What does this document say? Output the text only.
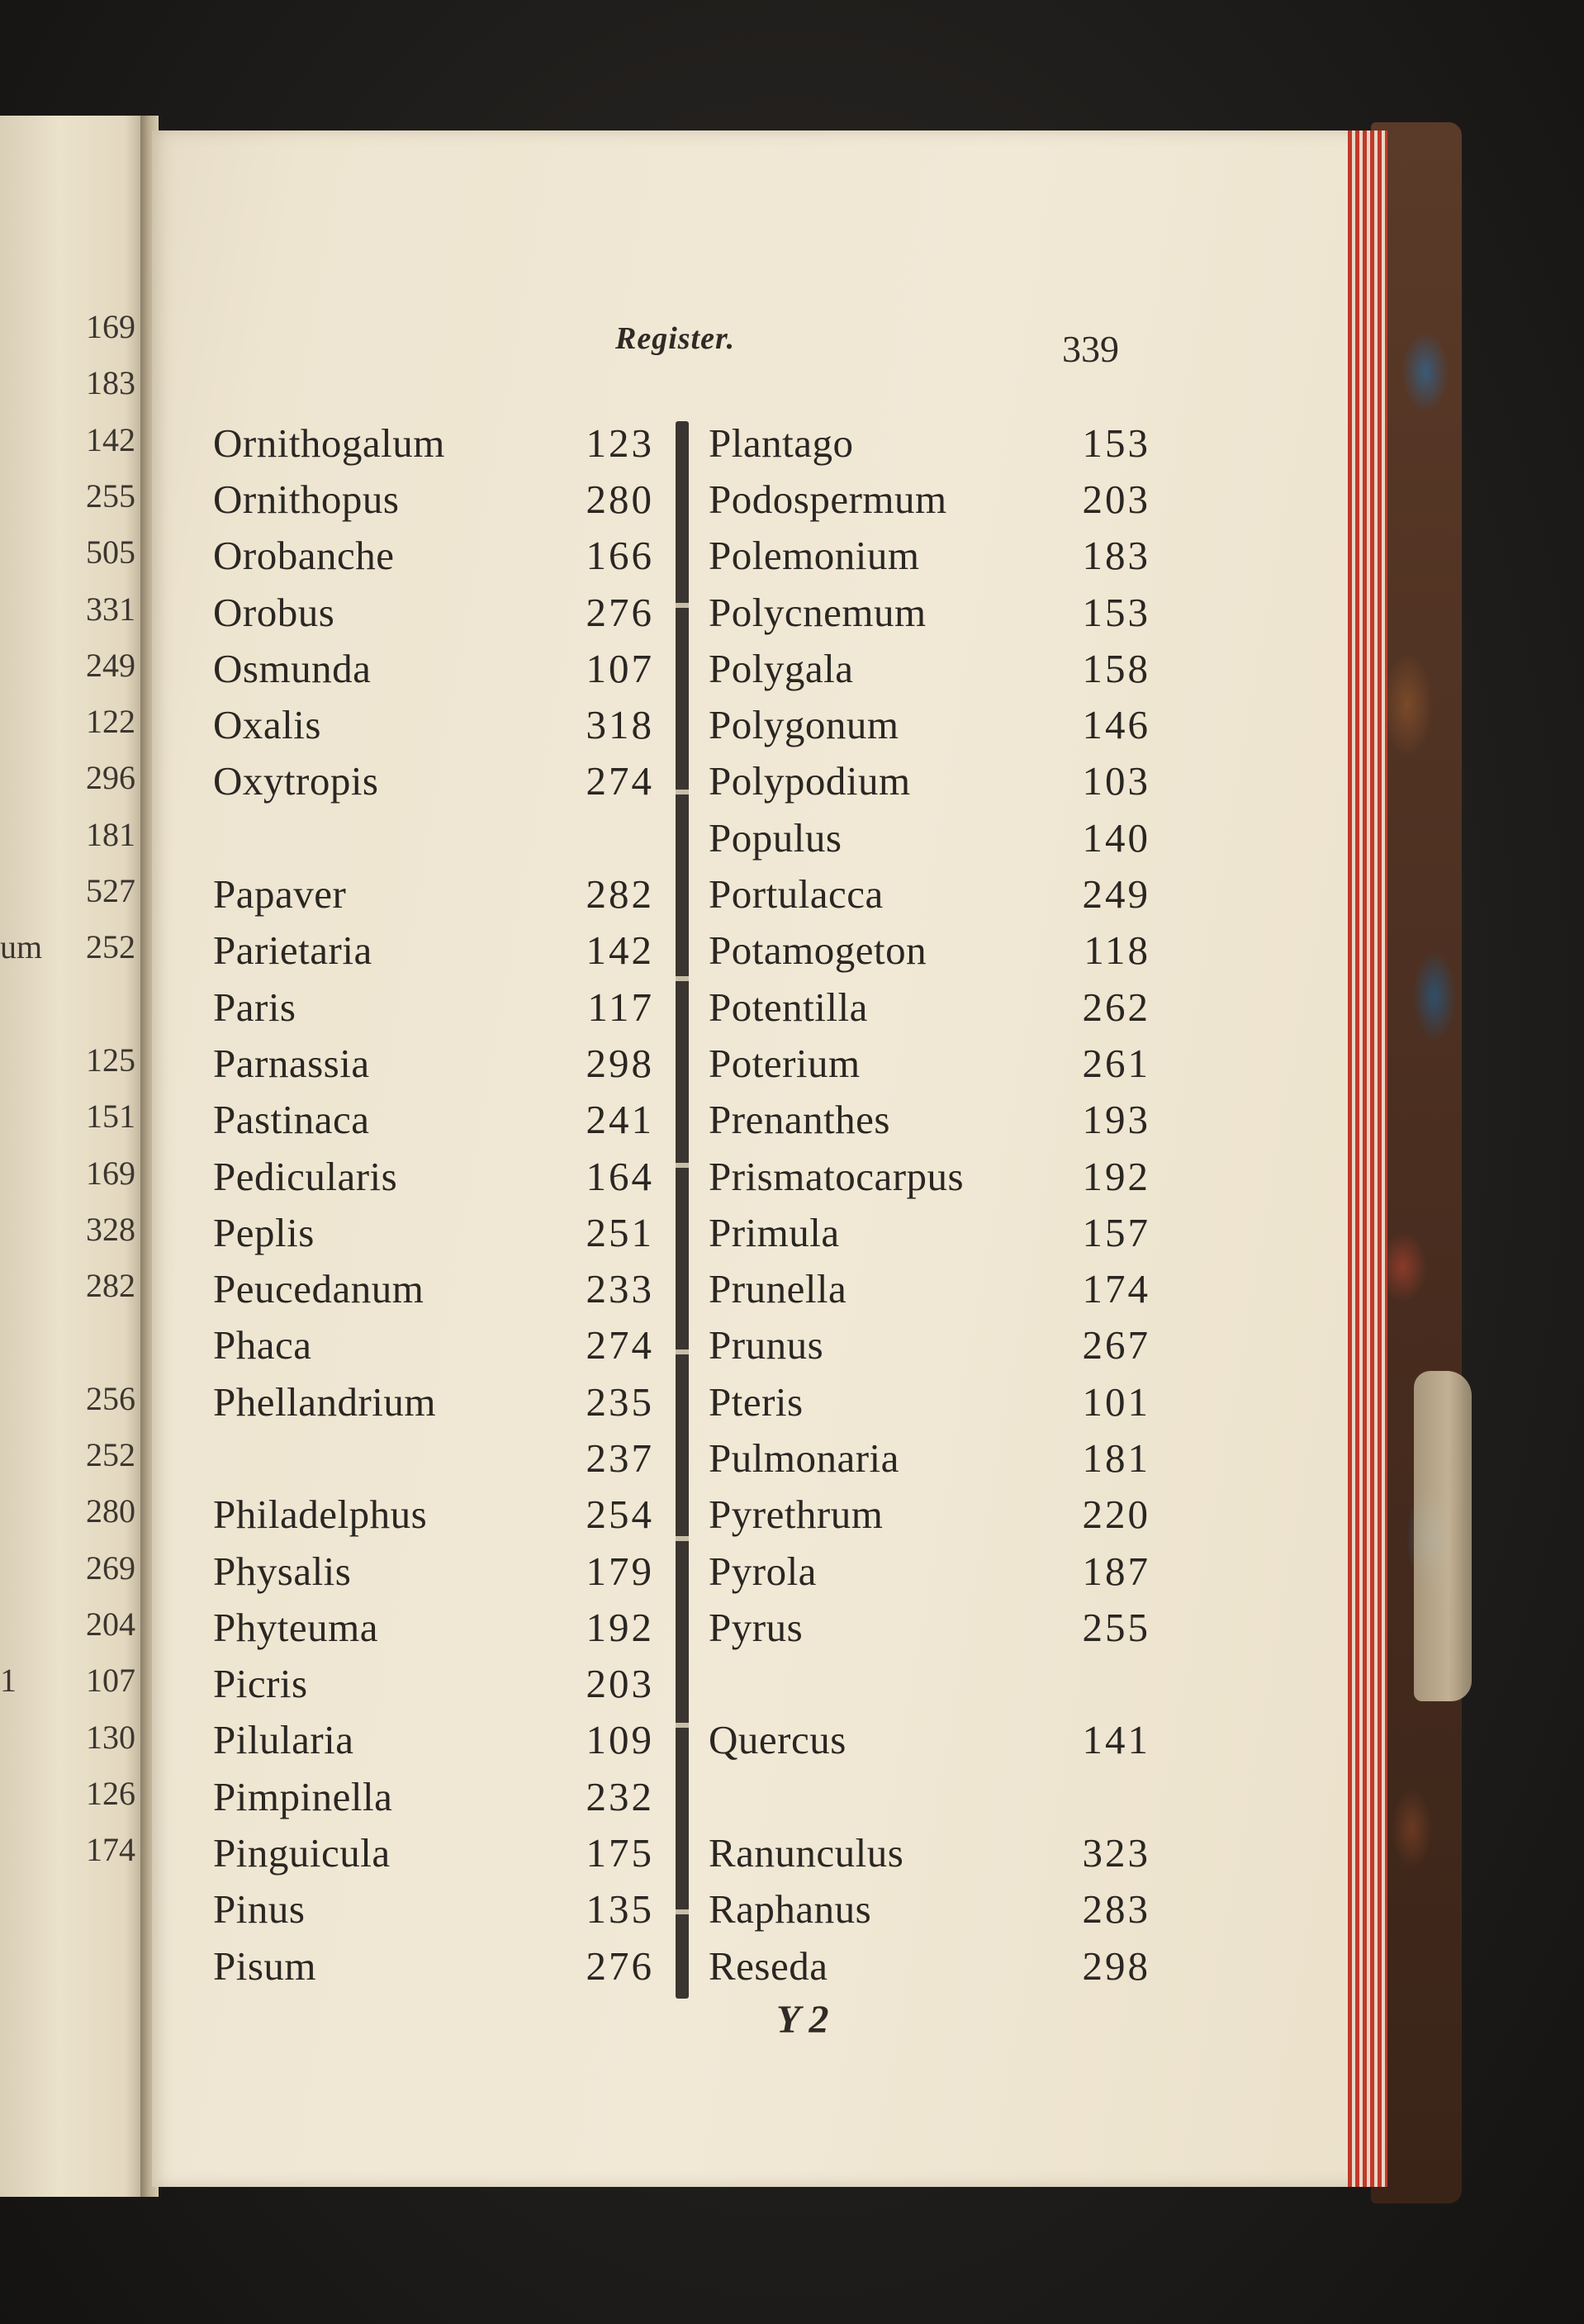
169
183
142
255
505
331
249
122
296
181
527
252
125
151
169
328
282
256
252
280
269
204
107
130
126
174
um
1
Register.	339
Ornithogalum	123
Ornithopus	280
Orobanche	166
Orobus	276
Osmunda	107
Oxalis	318
Oxytropis	274
Papaver	282
Parietaria	142
Paris	117
Parnassia	298
Pastinaca	241
Pedicularis	164
Peplis	251
Peucedanum	233
Phaca	274
Phellandrium	235
237
Philadelphus	254
Physalis	179
Phyteuma	192
Picris	203
Pilularia	109
Pimpinella	232
Pinguicula	175
Pinus	135
Pisum	276
Plantago	153
Podospermum	203
Polemonium	183
Polycnemum	153
Polygala	158
Polygonum	146
Polypodium	103
Populus	140
Portulacca	249
Potamogeton	118
Potentilla	262
Poterium	261
Prenanthes	193
Prismatocarpus	192
Primula	157
Prunella	174
Prunus	267
Pteris	101
Pulmonaria	181
Pyrethrum	220
Pyrola	187
Pyrus	255
Quercus	141
Ranunculus	323
Raphanus	283
Reseda	298
Y 2
